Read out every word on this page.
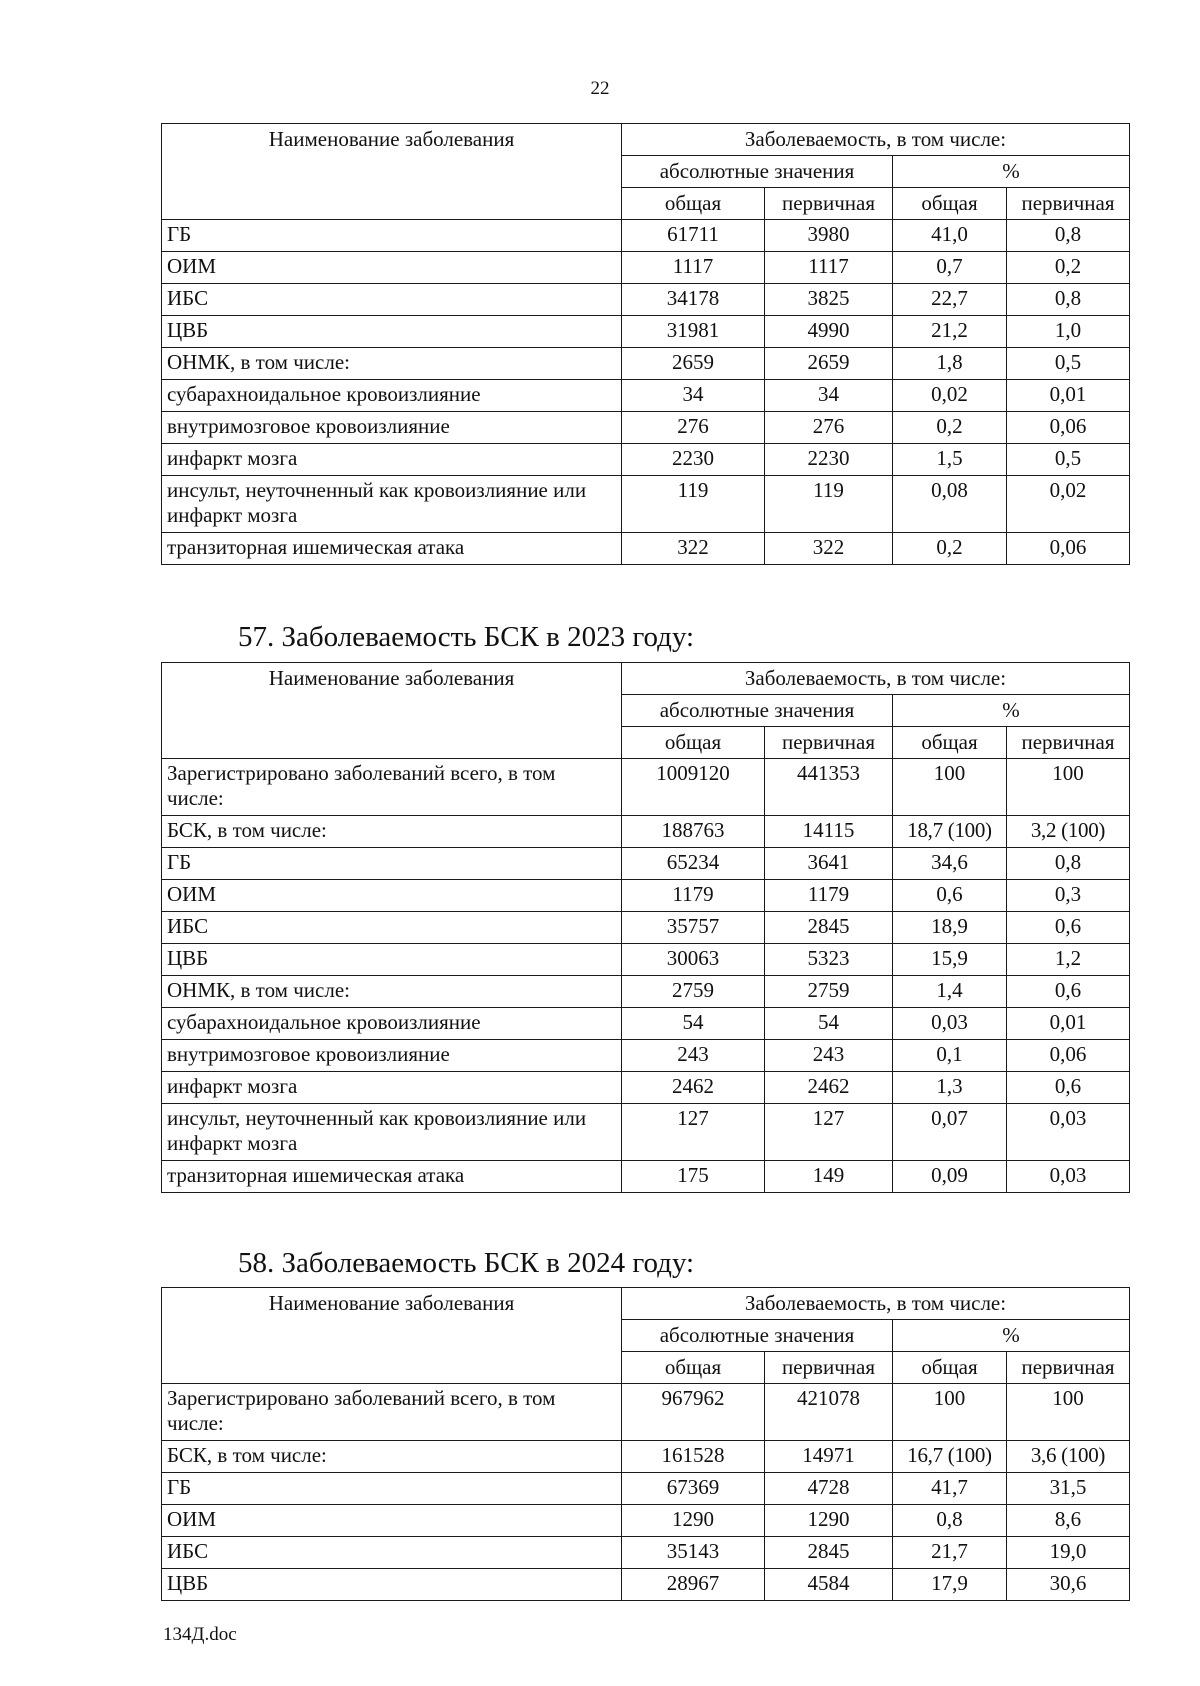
22
Наименование заболевания	Заболеваемость, в том числе:			
	абсолютные значения		%	
	общая	первичная	общая	первичная
ГБ	61711	3980	41,0	0,8
ОИМ	1117	1117	0,7	0,2
ИБС	34178	3825	22,7	0,8
ЦВБ	31981	4990	21,2	1,0
ОНМК, в том числе:	2659	2659	1,8	0,5
субарахноидальное кровоизлияние	34	34	0,02	0,01
внутримозговое кровоизлияние	276	276	0,2	0,06
инфаркт мозга	2230	2230	1,5	0,5
инсульт, неуточненный как кровоизлияние или инфаркт мозга	119	119	0,08	0,02
транзиторная ишемическая атака	322	322	0,2	0,06
57. Заболеваемость БСК в 2023 году:
Наименование заболевания	Заболеваемость, в том числе:			
	абсолютные значения		%	
	общая	первичная	общая	первичная
Зарегистрировано заболеваний всего, в том числе:	1009120	441353	100	100
БСК, в том числе:	188763	14115	18,7 (100)	3,2 (100)
ГБ	65234	3641	34,6	0,8
ОИМ	1179	1179	0,6	0,3
ИБС	35757	2845	18,9	0,6
ЦВБ	30063	5323	15,9	1,2
ОНМК, в том числе:	2759	2759	1,4	0,6
субарахноидальное кровоизлияние	54	54	0,03	0,01
внутримозговое кровоизлияние	243	243	0,1	0,06
инфаркт мозга	2462	2462	1,3	0,6
инсульт, неуточненный как кровоизлияние или инфаркт мозга	127	127	0,07	0,03
транзиторная ишемическая атака	175	149	0,09	0,03
58. Заболеваемость БСК в 2024 году:
Наименование заболевания	Заболеваемость, в том числе:			
	абсолютные значения		%	
	общая	первичная	общая	первичная
Зарегистрировано заболеваний всего, в том числе:	967962	421078	100	100
БСК, в том числе:	161528	14971	16,7 (100)	3,6 (100)
ГБ	67369	4728	41,7	31,5
ОИМ	1290	1290	0,8	8,6
ИБС	35143	2845	21,7	19,0
ЦВБ	28967	4584	17,9	30,6
134Д.doc
